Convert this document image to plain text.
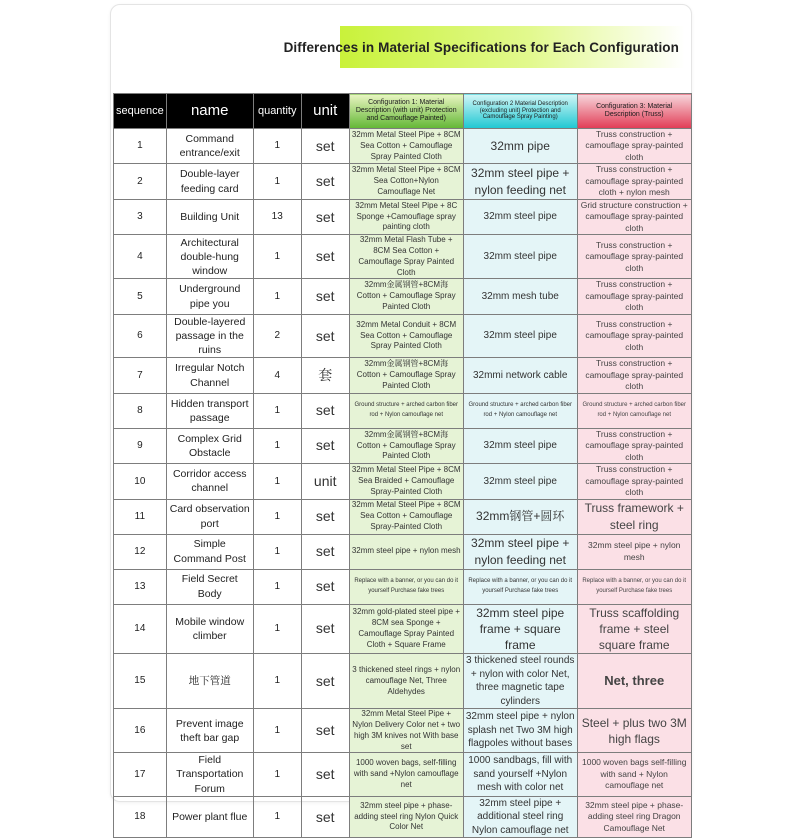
Differences in Material Specifications for Each Configuration
sequence	name	quantity	unit	Configuration 1: Material Description (with unit) Protection and Camouflage Painted)	Configuration 2 Material Description (excluding unit) Protection and Camouflage Spray Painting)	Configuration 3: Material Description (Truss)

1	Command entrance/exit	1	set	32mm Metal Steel Pipe + 8CM Sea Cotton + Camouflage Spray Painted Cloth	32mm pipe	Truss construction + camouflage spray-painted cloth

2	Double-layer feeding card	1	set	32mm Metal Steel Pipe + 8CM Sea Cotton+Nylon Camouflage Net	32mm steel pipe + nylon feeding net	Truss construction + camouflage spray-painted cloth + nylon mesh

3	Building Unit	13	set	32mm Metal Steel Pipe + 8C Sponge +Camouflage spray painting cloth	32mm steel pipe	Grid structure construction + camouflage spray-painted cloth

4	Architectural double-hung window	1	set	32mm Metal Flash Tube + 8CM Sea Cotton + Camouflage Spray Painted Cloth	32mm steel pipe	Truss construction + camouflage spray-painted cloth

5	Underground pipe you	1	set	32mm金属钢管+8CM海 Cotton + Camouflage Spray Painted Cloth	32mm mesh tube	Truss construction + camouflage spray-painted cloth

6	Double-layered passage in the ruins	2	set	32mm Metal Conduit + 8CM Sea Cotton + Camouflage Spray Painted Cloth	32mm steel pipe	Truss construction + camouflage spray-painted cloth

7	Irregular Notch Channel	4	套	32mm金属钢管+8CM海 Cotton + Camouflage Spray Painted Cloth	32mmi network cable	Truss construction + camouflage spray-painted cloth

8	Hidden transport passage	1	set	Ground structure + arched carbon fiber rod + Nylon camouflage net	Ground structure + arched carbon fiber rod + Nylon camouflage net	Ground structure + arched carbon fiber rod + Nylon camouflage net

9	Complex Grid Obstacle	1	set	32mm金属钢管+8CM海 Cotton + Camouflage Spray Painted Cloth	32mm steel pipe	Truss construction + camouflage spray-painted cloth

10	Corridor access channel	1	unit	32mm Metal Steel Pipe + 8CM Sea Braided + Camouflage Spray-Painted Cloth	32mm steel pipe	Truss construction + camouflage spray-painted cloth

11	Card observation port	1	set	32mm Metal Steel Pipe + 8CM Sea Cotton + Camouflage Spray-Painted Cloth	32mm钢管+圆环	Truss framework + steel ring

12	Simple Command Post	1	set	32mm steel pipe + nylon mesh	32mm steel pipe + nylon feeding net	32mm steel pipe + nylon mesh

13	Field Secret Body	1	set	Replace with a banner, or you can do it yourself Purchase fake trees	Replace with a banner, or you can do it yourself Purchase fake trees	Replace with a banner, or you can do it yourself Purchase fake trees

14	Mobile window climber	1	set	32mm gold-plated steel pipe + 8CM sea Sponge + Camouflage Spray Painted Cloth + Square Frame	32mm steel pipe frame + square frame	Truss scaffolding frame + steel square frame

15	地下管道	1	set	3 thickened steel rings + nylon camouflage Net, Three Aldehydes	3 thickened steel rounds + nylon with color Net, three magnetic tape cylinders	Net, three

16	Prevent image theft bar gap	1	set	32mm Metal Steel Pipe + Nylon Delivery Color net + two high 3M knives not With base set	32mm steel pipe + nylon splash net Two 3M high flagpoles without bases	Steel + plus two 3M high flags

17	Field Transportation Forum	1	set	1000 woven bags, self-filling with sand +Nylon camouflage net	1000 sandbags, fill with sand yourself +Nylon mesh with color net	1000 woven bags self-filling with sand + Nylon camouflage net

18	Power plant flue	1	set	32mm steel pipe + phase-adding steel ring Nylon Quick Color Net	32mm steel pipe + additional steel ring Nylon camouflage net	32mm steel pipe + phase-adding steel ring Dragon Camouflage Net
